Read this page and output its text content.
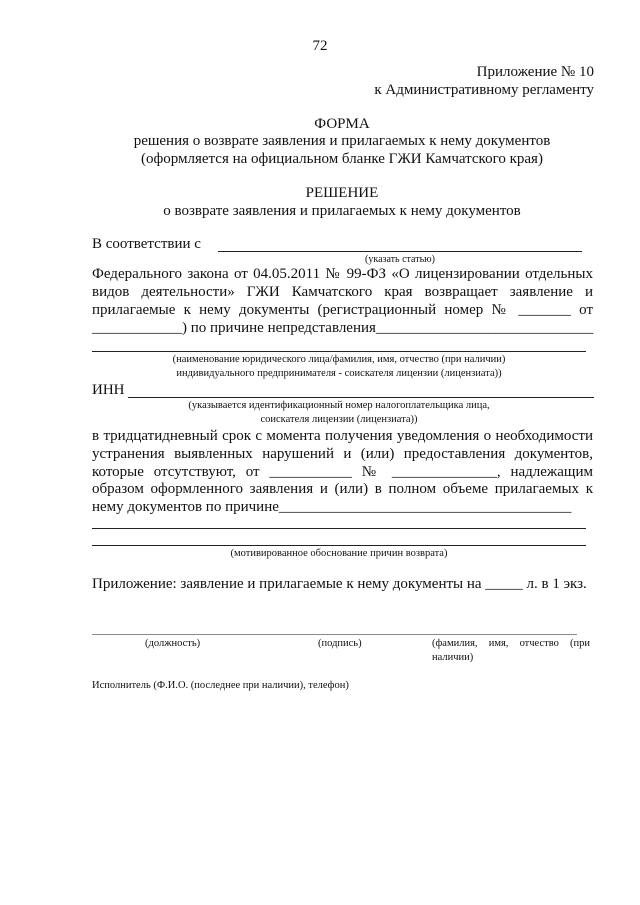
72
Приложение № 10
к Административному регламенту
ФОРМА
решения о возврате заявления и прилагаемых к нему документов
(оформляется на официальном бланке ГЖИ Камчатского края)
РЕШЕНИЕ
о возврате заявления и прилагаемых к нему документов
В соответствии с
(указать статью)
Федерального закона от 04.05.2011 № 99-ФЗ «О лицензировании отдельных
видов деятельности» ГЖИ Камчатского края возвращает заявление и
прилагаемые к нему документы (регистрационный номер № _______ от
____________) по причине непредставления_____________________________
(наименование юридического лица/фамилия, имя, отчество (при наличии)
индивидуального предпринимателя - соискателя лицензии (лицензиата))
ИНН
(указывается идентификационный номер налогоплательщика лица,
соискателя лицензии (лицензиата))
в тридцатидневный срок с момента получения уведомления о необходимости
устранения выявленных нарушений и (или) предоставления документов,
которые отсутствуют, от ___________ № ______________, надлежащим
образом оформленного заявления и (или) в полном объеме прилагаемых к
нему документов по причине_______________________________________
(мотивированное обоснование причин возврата)
Приложение: заявление и прилагаемые к нему документы на _____ л. в 1 экз.
(должность)	(подпись)	(фамилия, имя, отчество (при
наличии)
Исполнитель (Ф.И.О. (последнее при наличии), телефон)
